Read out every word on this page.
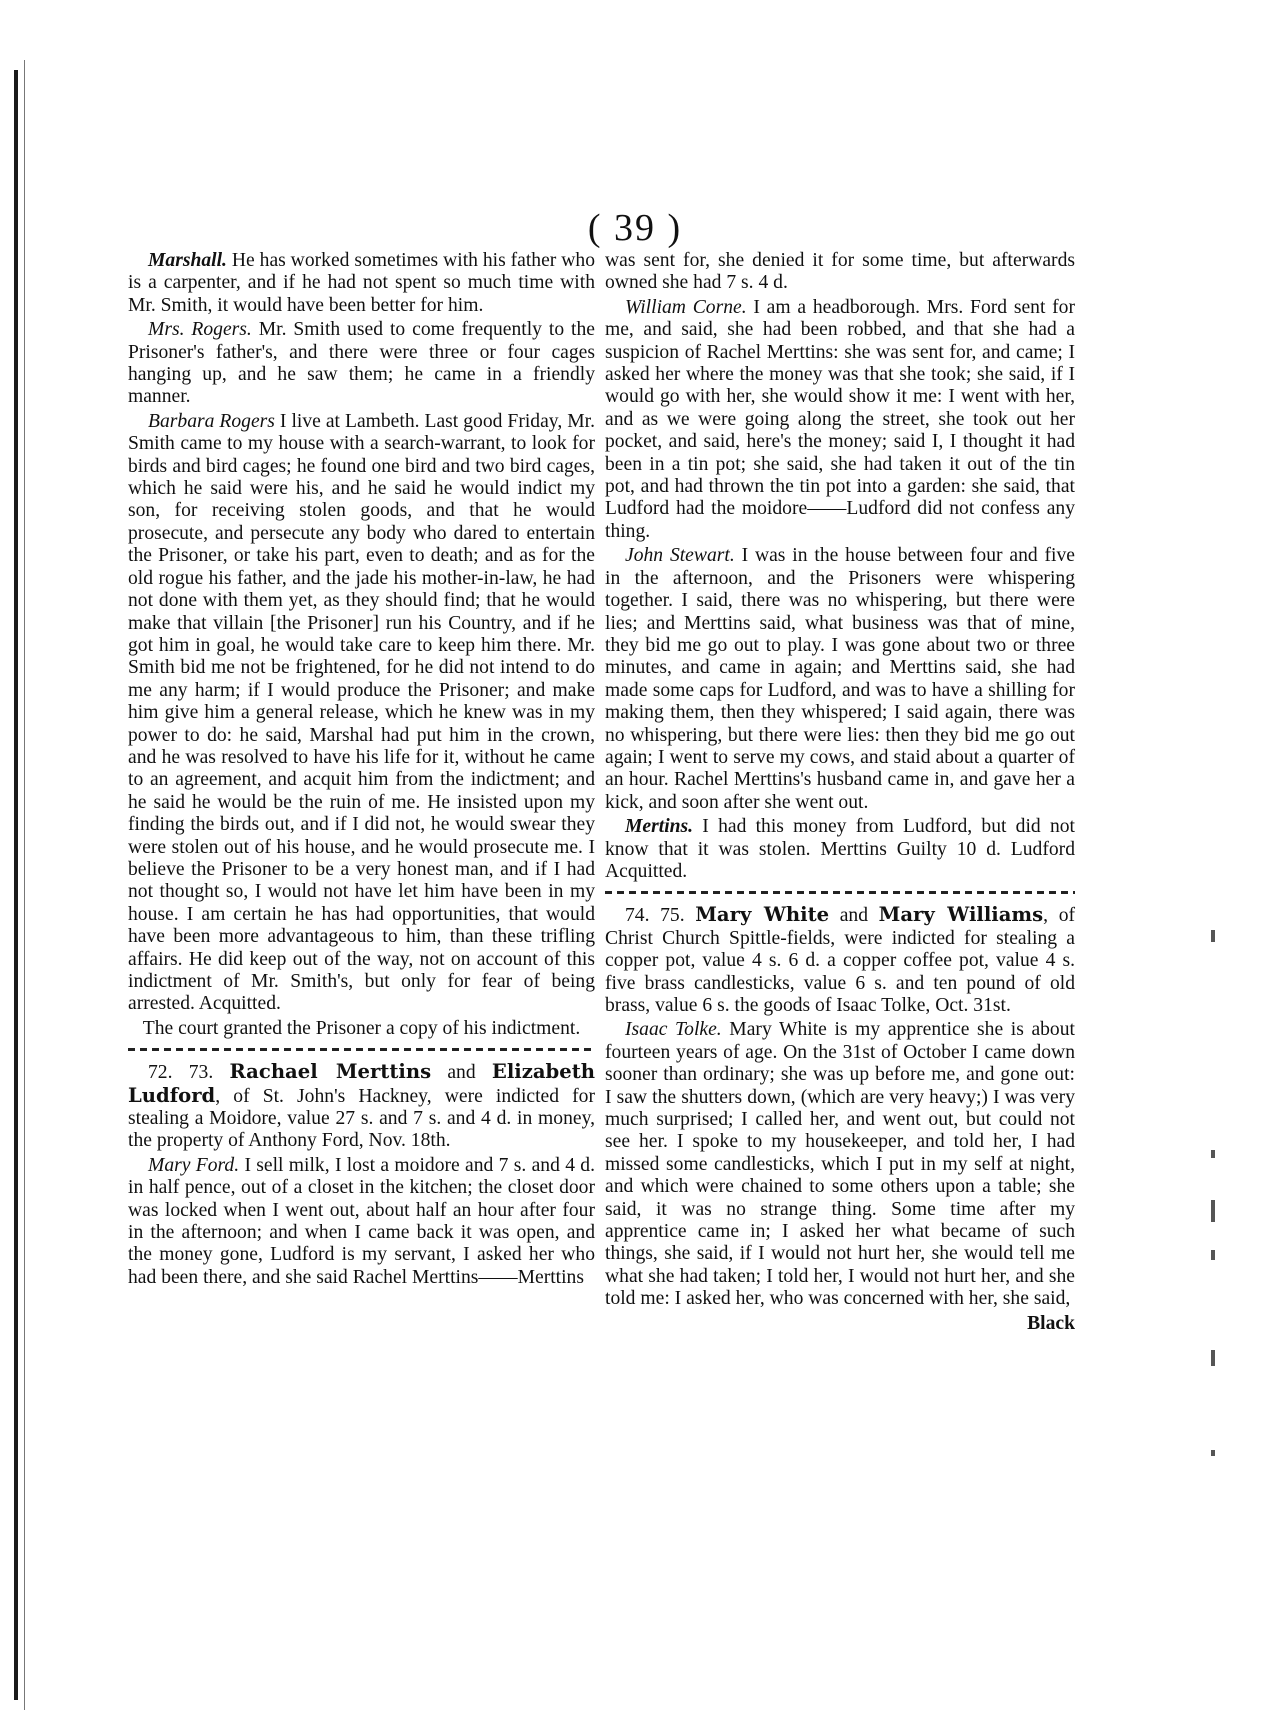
( 39 )

Marshall. He has worked sometimes with his father who is a carpenter, and if he had not spent so much time with Mr. Smith, it would have been better for him.

Mrs. Rogers. Mr. Smith used to come frequently to the Prisoner's father's, and there were three or four cages hanging up, and he saw them; he came in a friendly manner.

Barbara Rogers I live at Lambeth. Last good Friday, Mr. Smith came to my house with a search-warrant, to look for birds and bird cages; he found one bird and two bird cages, which he said were his, and he said he would indict my son, for receiving stolen goods, and that he would prosecute, and persecute any body who dared to entertain the Prisoner, or take his part, even to death; and as for the old rogue his father, and the jade his mother-in-law, he had not done with them yet, as they should find; that he would make that villain [the Prisoner] run his Country, and if he got him in goal, he would take care to keep him there. Mr. Smith bid me not be frightened, for he did not intend to do me any harm; if I would produce the Prisoner; and make him give him a general release, which he knew was in my power to do: he said, Marshal had put him in the crown, and he was resolved to have his life for it, without he came to an agreement, and acquit him from the indictment; and he said he would be the ruin of me. He insisted upon my finding the birds out, and if I did not, he would swear they were stolen out of his house, and he would prosecute me. I believe the Prisoner to be a very honest man, and if I had not thought so, I would not have let him have been in my house. I am certain he has had opportunities, that would have been more advantageous to him, than these trifling affairs. He did keep out of the way, not on account of this indictment of Mr. Smith's, but only for fear of being arrested. Acquitted.

The court granted the Prisoner a copy of his indictment.

72. 73. Rachael Merttins and Elizabeth Ludford, of St. John's Hackney, were indicted for stealing a Moidore, value 27 s. and 7 s. and 4 d. in money, the property of Anthony Ford, Nov. 18th.

Mary Ford. I sell milk, I lost a moidore and 7 s. and 4 d. in half pence, out of a closet in the kitchen; the closet door was locked when I went out, about half an hour after four in the afternoon; and when I came back it was open, and the money gone, Ludford is my servant, I asked her who had been there, and she said Rachel Merttins——Merttins

was sent for, she denied it for some time, but afterwards owned she had 7 s. 4 d.

William Corne. I am a headborough. Mrs. Ford sent for me, and said, she had been robbed, and that she had a suspicion of Rachel Merttins: she was sent for, and came; I asked her where the money was that she took; she said, if I would go with her, she would show it me: I went with her, and as we were going along the street, she took out her pocket, and said, here's the money; said I, I thought it had been in a tin pot; she said, she had taken it out of the tin pot, and had thrown the tin pot into a garden: she said, that Ludford had the moidore——Ludford did not confess any thing.

John Stewart. I was in the house between four and five in the afternoon, and the Prisoners were whispering together. I said, there was no whispering, but there were lies; and Merttins said, what business was that of mine, they bid me go out to play. I was gone about two or three minutes, and came in again; and Merttins said, she had made some caps for Ludford, and was to have a shilling for making them, then they whispered; I said again, there was no whispering, but there were lies: then they bid me go out again; I went to serve my cows, and staid about a quarter of an hour. Rachel Merttins's husband came in, and gave her a kick, and soon after she went out.

Mertins. I had this money from Ludford, but did not know that it was stolen. Merttins Guilty 10 d. Ludford Acquitted.

74. 75. Mary White and Mary Williams, of Christ Church Spittle-fields, were indicted for stealing a copper pot, value 4 s. 6 d. a copper coffee pot, value 4 s. five brass candlesticks, value 6 s. and ten pound of old brass, value 6 s. the goods of Isaac Tolke, Oct. 31st.

Isaac Tolke. Mary White is my apprentice she is about fourteen years of age. On the 31st of October I came down sooner than ordinary; she was up before me, and gone out: I saw the shutters down, (which are very heavy;) I was very much surprised; I called her, and went out, but could not see her. I spoke to my housekeeper, and told her, I had missed some candlesticks, which I put in my self at night, and which were chained to some others upon a table; she said, it was no strange thing. Some time after my apprentice came in; I asked her what became of such things, she said, if I would not hurt her, she would tell me what she had taken; I told her, I would not hurt her, and she told me: I asked her, who was concerned with her, she said,

Black
